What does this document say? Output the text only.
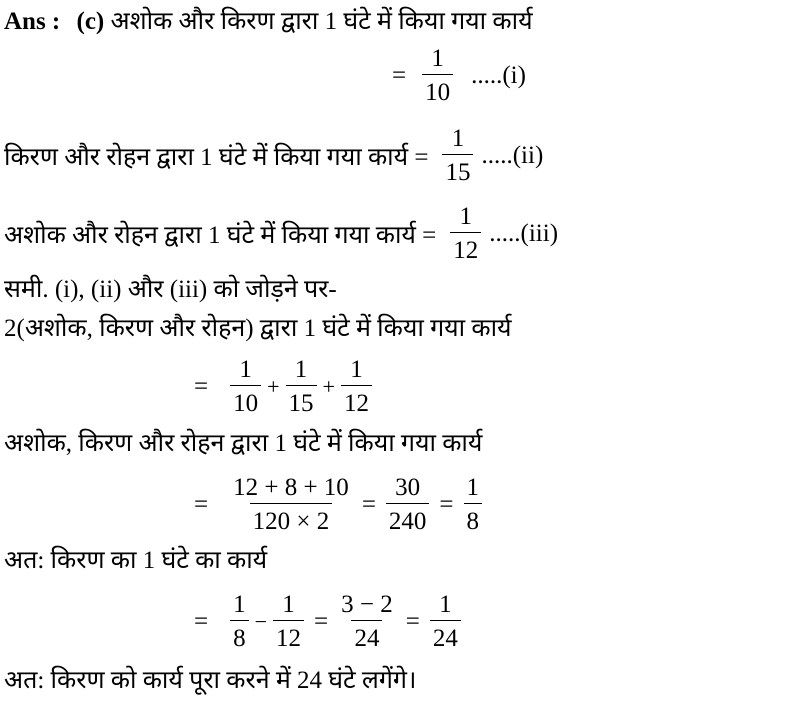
Ans : (c) अशोक और किरण द्वारा 1 घंटे में किया गया कार्य
= $\frac{1}{10} .....(i)$
किरण और रोहन द्वारा 1 घंटे में किया गया कार्य = $\frac{1}{15} .....(ii)$
अशोक और रोहन द्वारा 1 घंटे में किया गया कार्य = $\frac{1}{12} .....(iii)$
समी. (i), (ii) और (iii) को जोड़ने पर-
2(अशोक, किरण और रोहन) द्वारा 1 घंटे में किया गया कार्य
= $\frac{1}{10} + \frac{1}{15} + \frac{1}{12}$
अशोक, किरण और रोहन द्वारा 1 घंटे में किया गया कार्य
= $\frac{12 + 8 + 10}{120 \times 2} = \frac{30}{240} = \frac{1}{8}$
अत: किरण का 1 घंटे का कार्य
= $\frac{1}{8} - \frac{1}{12} = \frac{3 - 2}{24} = \frac{1}{24}$
अत: किरण को कार्य पूरा करने में 24 घंटे लगेंगे।
